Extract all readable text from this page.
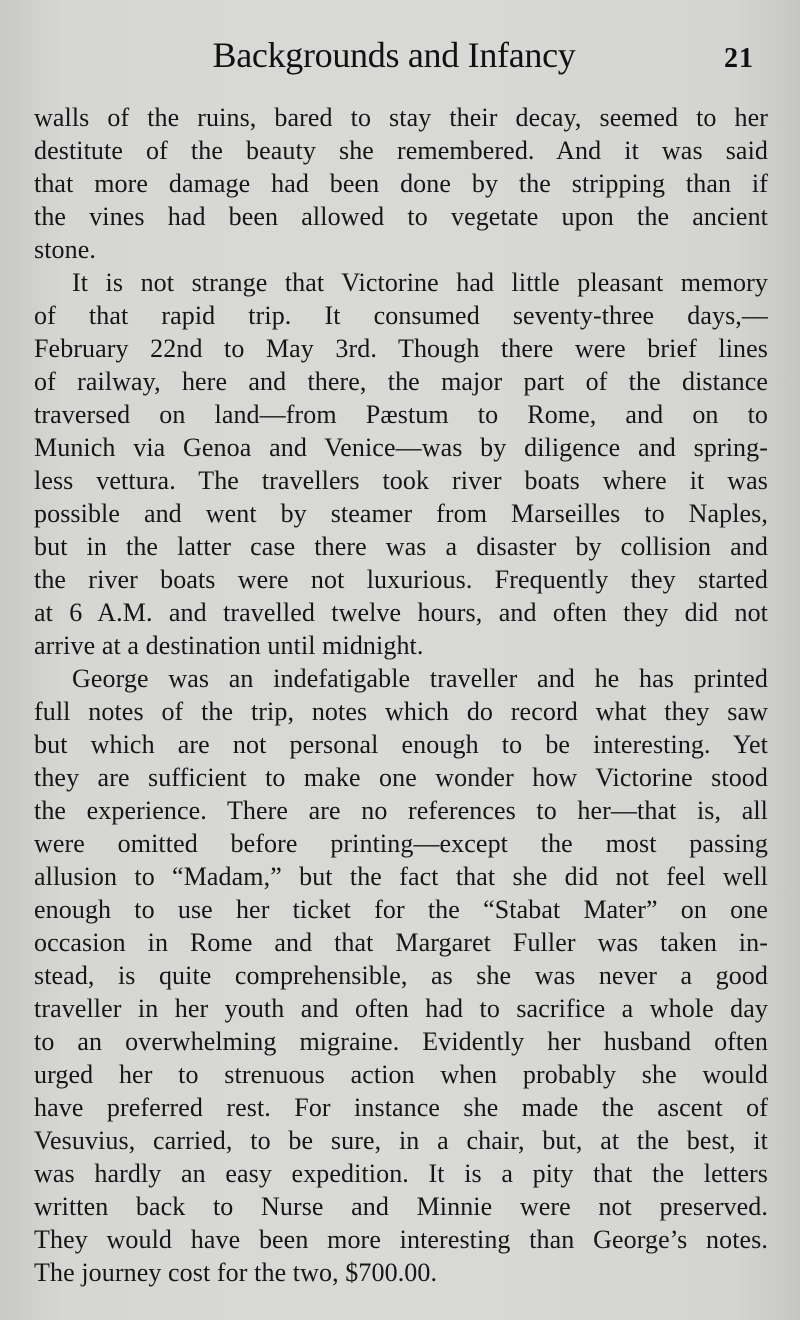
Backgrounds and Infancy	21
walls of the ruins, bared to stay their decay, seemed to her
destitute of the beauty she remembered. And it was said
that more damage had been done by the stripping than if
the vines had been allowed to vegetate upon the ancient
stone.
It is not strange that Victorine had little pleasant memory
of that rapid trip. It consumed seventy-three days,—
February 22nd to May 3rd. Though there were brief lines
of railway, here and there, the major part of the distance
traversed on land—from Pæstum to Rome, and on to
Munich via Genoa and Venice—was by diligence and spring-
less vettura. The travellers took river boats where it was
possible and went by steamer from Marseilles to Naples,
but in the latter case there was a disaster by collision and
the river boats were not luxurious. Frequently they started
at 6 A.M. and travelled twelve hours, and often they did not
arrive at a destination until midnight.
George was an indefatigable traveller and he has printed
full notes of the trip, notes which do record what they saw
but which are not personal enough to be interesting. Yet
they are sufficient to make one wonder how Victorine stood
the experience. There are no references to her—that is, all
were omitted before printing—except the most passing
allusion to “Madam,” but the fact that she did not feel well
enough to use her ticket for the “Stabat Mater” on one
occasion in Rome and that Margaret Fuller was taken in-
stead, is quite comprehensible, as she was never a good
traveller in her youth and often had to sacrifice a whole day
to an overwhelming migraine. Evidently her husband often
urged her to strenuous action when probably she would
have preferred rest. For instance she made the ascent of
Vesuvius, carried, to be sure, in a chair, but, at the best, it
was hardly an easy expedition. It is a pity that the letters
written back to Nurse and Minnie were not preserved.
They would have been more interesting than George’s notes.
The journey cost for the two, $700.00.
